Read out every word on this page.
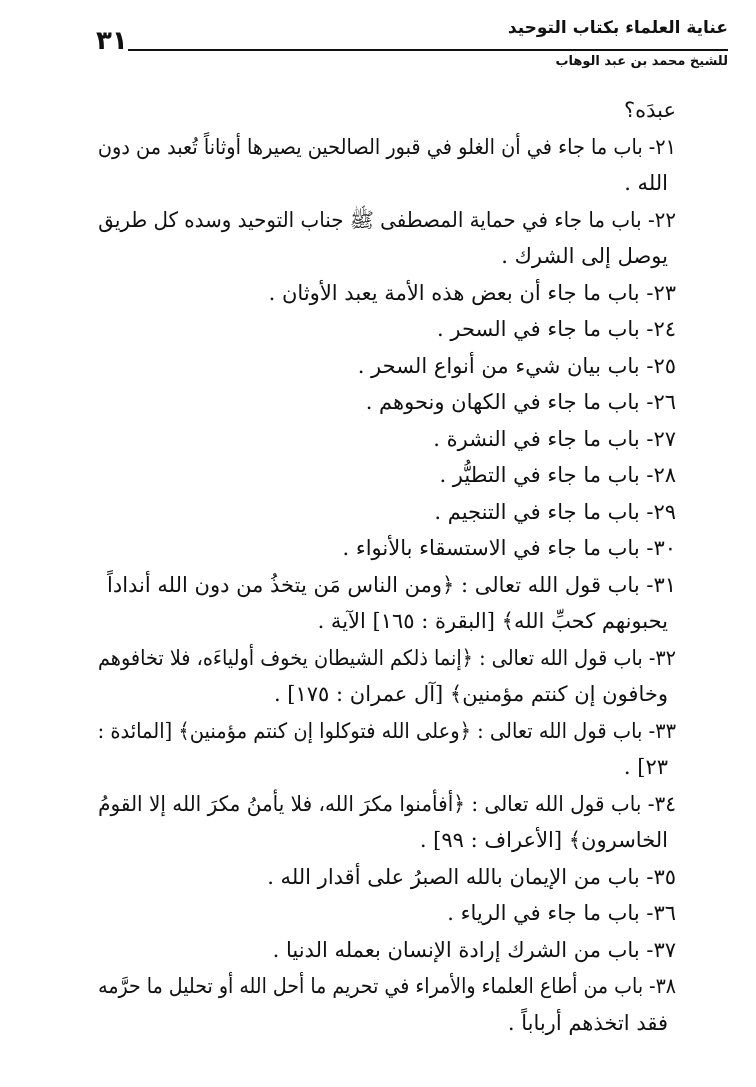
عناية العلماء بكتاب التوحيد
للشيخ محمد بن عبد الوهاب
٣١
عبدَه؟
٢١- باب ما جاء في أن الغلو في قبور الصالحين يصيرها أوثاناً تُعبد من دون
الله .
٢٢- باب ما جاء في حماية المصطفى ﷺ جناب التوحيد وسده كل طريق
يوصل إلى الشرك .
٢٣- باب ما جاء أن بعض هذه الأمة يعبد الأوثان .
٢٤- باب ما جاء في السحر .
٢٥- باب بيان شيء من أنواع السحر .
٢٦- باب ما جاء في الكهان ونحوهم .
٢٧- باب ما جاء في النشرة .
٢٨- باب ما جاء في التطيُّر .
٢٩- باب ما جاء في التنجيم .
٣٠- باب ما جاء في الاستسقاء بالأنواء .
٣١- باب قول الله تعالى : ﴿ومن الناس مَن يتخذُ من دون الله أنداداً
يحبونهم كحبِّ الله﴾ [البقرة : ١٦٥] الآية .
٣٢- باب قول الله تعالى : ﴿إنما ذلكم الشيطان يخوف أولياءَه، فلا تخافوهم
وخافون إن كنتم مؤمنين﴾ [آل عمران : ١٧٥] .
٣٣- باب قول الله تعالى : ﴿وعلى الله فتوكلوا إن كنتم مؤمنين﴾ [المائدة :
٢٣] .
٣٤- باب قول الله تعالى : ﴿أفأمنوا مكرَ الله، فلا يأمنُ مكرَ الله إلا القومُ
الخاسرون﴾ [الأعراف : ٩٩] .
٣٥- باب من الإيمان بالله الصبرُ على أقدار الله .
٣٦- باب ما جاء في الرياء .
٣٧- باب من الشرك إرادة الإنسان بعمله الدنيا .
٣٨- باب من أطاع العلماء والأمراء في تحريم ما أحل الله أو تحليل ما حرَّمه
فقد اتخذهم أرباباً .
